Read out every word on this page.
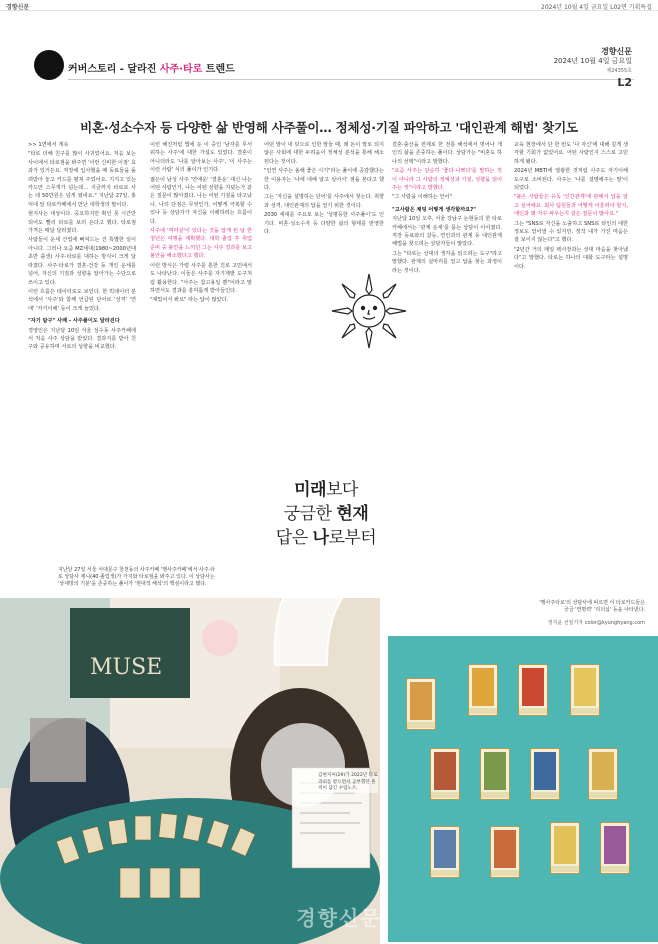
경향신문	2024년 10월 4일 금요일 L02면 기획특집
커버스토리 - 달라진 사주·타로 트렌드
경향신문
2024년 10월 4일 금요일
제24355호
L2
비혼·성소수자 등 다양한 삶 반영해 사주풀이… 정체성·기질 파악하고 '대인관계 해법' 찾기도

>> 1면에서 계속

"타로 더해 친구를 많이 사귀었어요. 처음 보는 사이에서 타로점을 봐주면 '이런 신비한 이점' 효과가 있거든요. 직장에 입사했을 때 동료들을 돌려받아 놓고 카드를 펼쳐 주었어요. 기지고 있는 카드만 스무개가 넘는데… 지금까지 타로로 사는 데 50만원은 넘게 썼네요." 지난달 27일, 홍익대 앞 타로카페에서 만난 대학생의 말이다.

현지사는 대상이다. 중요하지만 확인 못 시간만 되어도 빨리 타로를 보러 온다고 했다. 타로점 가격은 매달 달라졌다.

사람들이 운세 산업에 빠져드는 건 특별한 일이 아니다. 그러나 요즘 MZ세대(1980~2000년대 초반 출생) 사주·타로를 대하는 방식이 크게 달라졌다. 사주·타로가 결혼·건강 등 개인 운세를 넘어, 자신의 기질과 성향을 알아가는 수단으로 쓰이고 있다.

이런 흐름은 데이터로도 보인다. 한 빅데이터 분석에서 '사주'와 함께 언급된 단어로 '성격' '연애' '자기이해' 등이 크게 늘었다.

"자기 탐구" 사례 - 사주풀이도 달라진다

경영인은 지난달 10일 서울 성수동 사주카페에서 처음 사주 상담을 받았다. 결과지를 받아 친구와 공유하며 서로의 성향을 비교했다.

이런 해진처럼 앱에 둔 이 중인 '남자를 무서워하는 사주'에 대한 가설도 있었다. 결혼이 아니더라도 '나를 알아보는 사주', '이 사주는 이런 사람' 식의 풀이가 인기다.

젊은이 남성 사주 '연애운' '결혼운' 대신 나는 어떤 사람인가, 나는 어떤 성향을 지녔는가 같은 질문이 많아졌다. 나는 어떤 기질을 타고났나, 나의 단점은 무엇인가, 어떻게 극복할 수 있나 등 상담자가 자신을 이해하려는 흐름이다.

사주에 '역마살'이 있다는 것을 알게 된 날 한 청년은 여행을 계획했다. 대학 졸업 후 취업 준비 중 불안을 느끼던 그는 사주 결과를 보고 불안을 해소했다고 했다.

이런 방식은 가령 사주를 통한 진로 고민에서도 나타난다. 이들은 사주를 자기계발 도구처럼 활용한다. "사주는 참고용일 뿐"이라고 말하면서도 결과를 흥미롭게 받아들인다.

"재밌어서 봐요" 라는 답이 많았다.

어떤 말이 내 탓으로 인한 말들 때, 왜 돈이 말로 되지 않은 사회에 대한 두려움이 정체성 분석을 통해 해소된다는 것이다.

"인연 사주는 올해 좋은 시기"라는 풀이에 공감했다는 한 이용자는 '나에 대해 알고 싶어서' 점을 본다고 했다.

그는 '자신을 설명하는 단어'를 사주에서 찾는다. 취향과 성격, 대인관계의 답을 얻기 위한 것이다.

2030 세대를 주요로 보는 '성평등한 사주풀이'도 인기다. 비혼·성소수자 등 다양한 삶의 형태를 반영한다.

결혼·출산을 전제로 한 전통 해석에서 벗어나 개인의 삶을 존중하는 풀이다. 상담가는 "비혼도 하나의 선택"이라고 말했다.

"요즘 사주는 단순히 '좋다·나쁘다'를 말하는 것이 아니라 그 사람의 정체성과 기질, 성향을 읽어주는 것"이라고 말했다.

"그 사람을 이해하는 언어"

"고사람은 채팅 어떻게 생각할까요?"

지난달 10일 오후, 서울 강남구 논현동의 한 타로카페에서는 '관계 운세'를 묻는 상담이 이어졌다. 직장 동료와의 갈등, 연인과의 관계 등 대인관계 해법을 찾으려는 상담자들이 많았다.

그는 "타로는 상대의 생각을 읽으려는 도구"라고 말했다. 관계의 실마리를 얻고 답을 찾는 과정이라는 것이다.

교육 현장에서 단 한 번도 '나 자신'에 대해 깊게 생각할 기회가 없었어요. 어떤 사람인지 스스로 고민하게 됐다.

2024년 MBTI에 열광한 것처럼 사주도 자기이해 도구로 소비된다. 사주는 '나를 설명해주는 말'이 되었다.

"불은 사람들은 유독 '인간관계'에 관해서 답을 알고 싶어해요. 회사 팀원들과 어떻게 어울려야 할지, 애인과 왜 자꾸 싸우는지 같은 질문이 많아요."

그는 "SNS로 자신을 노출하고 SNS로 타인의 대한 정보도 얻어낼 수 있지만, 정작 내가 가진 마음은 잘 보이지 않는다"고 했다.

"2년간 거의 매일 펙사장과는 상대 마음을 찾아냈다"고 말했다. 타로는 하나의 대화 도구라는 설명이다.

MUSE
미래보다
궁금한 현재
답은 나로부터
지난달 27일 서울 서대문구 창천동의 사주카페 '행사주카페'에서 사주·타로 상담사 제니(40·졸업생)가 가지와 타로점을 봐주고 있다. 이 상담사는 '상대방의 기분'을 존중하는 풀이가 '현대적 해석'의 핵심이라고 했다.
'행사주타로'의 상담사에 따르면 이 타로카드들은 궁금 '연평력' '리더십' 등을 나타낸다.
정지윤 선임기자 color@kyunghyang.com
김현지씨(29)가 2022년 타로 과외를 받으면서 공부했던 흔적이 담긴 수업노트.
경향신문
